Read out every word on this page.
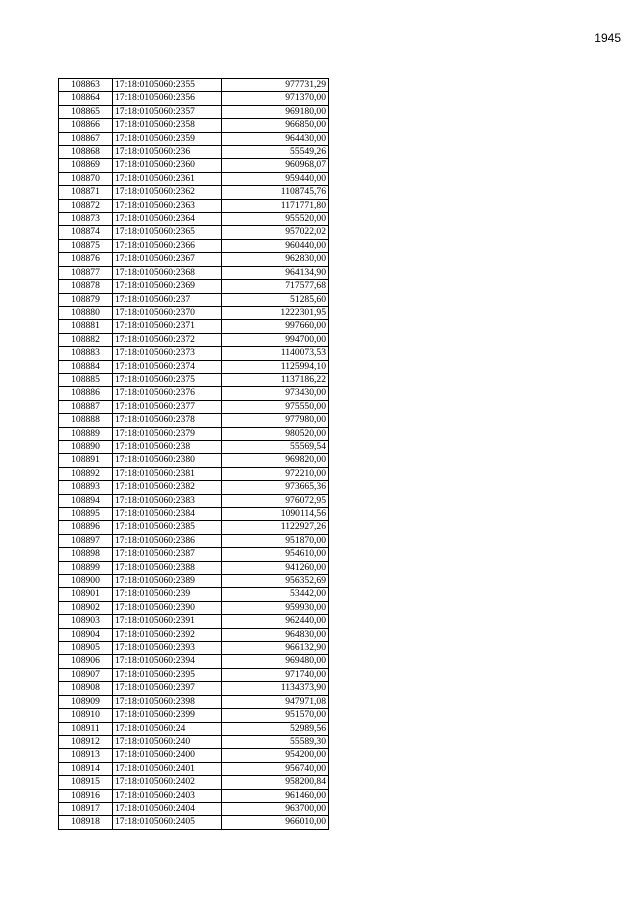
1945
108863	17:18:0105060:2355	977731,29
108864	17:18:0105060:2356	971370,00
108865	17:18:0105060:2357	969180,00
108866	17:18:0105060:2358	966850,00
108867	17:18:0105060:2359	964430,00
108868	17:18:0105060:236	55549,26
108869	17:18:0105060:2360	960968,07
108870	17:18:0105060:2361	959440,00
108871	17:18:0105060:2362	1108745,76
108872	17:18:0105060:2363	1171771,80
108873	17:18:0105060:2364	955520,00
108874	17:18:0105060:2365	957022,02
108875	17:18:0105060:2366	960440,00
108876	17:18:0105060:2367	962830,00
108877	17:18:0105060:2368	964134,90
108878	17:18:0105060:2369	717577,68
108879	17:18:0105060:237	51285,60
108880	17:18:0105060:2370	1222301,95
108881	17:18:0105060:2371	997660,00
108882	17:18:0105060:2372	994700,00
108883	17:18:0105060:2373	1140073,53
108884	17:18:0105060:2374	1125994,10
108885	17:18:0105060:2375	1137186,22
108886	17:18:0105060:2376	973430,00
108887	17:18:0105060:2377	975550,00
108888	17:18:0105060:2378	977980,00
108889	17:18:0105060:2379	980520,00
108890	17:18:0105060:238	55569,54
108891	17:18:0105060:2380	969820,00
108892	17:18:0105060:2381	972210,00
108893	17:18:0105060:2382	973665,36
108894	17:18:0105060:2383	976072,95
108895	17:18:0105060:2384	1090114,56
108896	17:18:0105060:2385	1122927,26
108897	17:18:0105060:2386	951870,00
108898	17:18:0105060:2387	954610,00
108899	17:18:0105060:2388	941260,00
108900	17:18:0105060:2389	956352,69
108901	17:18:0105060:239	53442,00
108902	17:18:0105060:2390	959930,00
108903	17:18:0105060:2391	962440,00
108904	17:18:0105060:2392	964830,00
108905	17:18:0105060:2393	966132,90
108906	17:18:0105060:2394	969480,00
108907	17:18:0105060:2395	971740,00
108908	17:18:0105060:2397	1134373,90
108909	17:18:0105060:2398	947971,08
108910	17:18:0105060:2399	951570,00
108911	17:18:0105060:24	52989,56
108912	17:18:0105060:240	55589,30
108913	17:18:0105060:2400	954200,00
108914	17:18:0105060:2401	956740,00
108915	17:18:0105060:2402	958200,84
108916	17:18:0105060:2403	961460,00
108917	17:18:0105060:2404	963700,00
108918	17:18:0105060:2405	966010,00
